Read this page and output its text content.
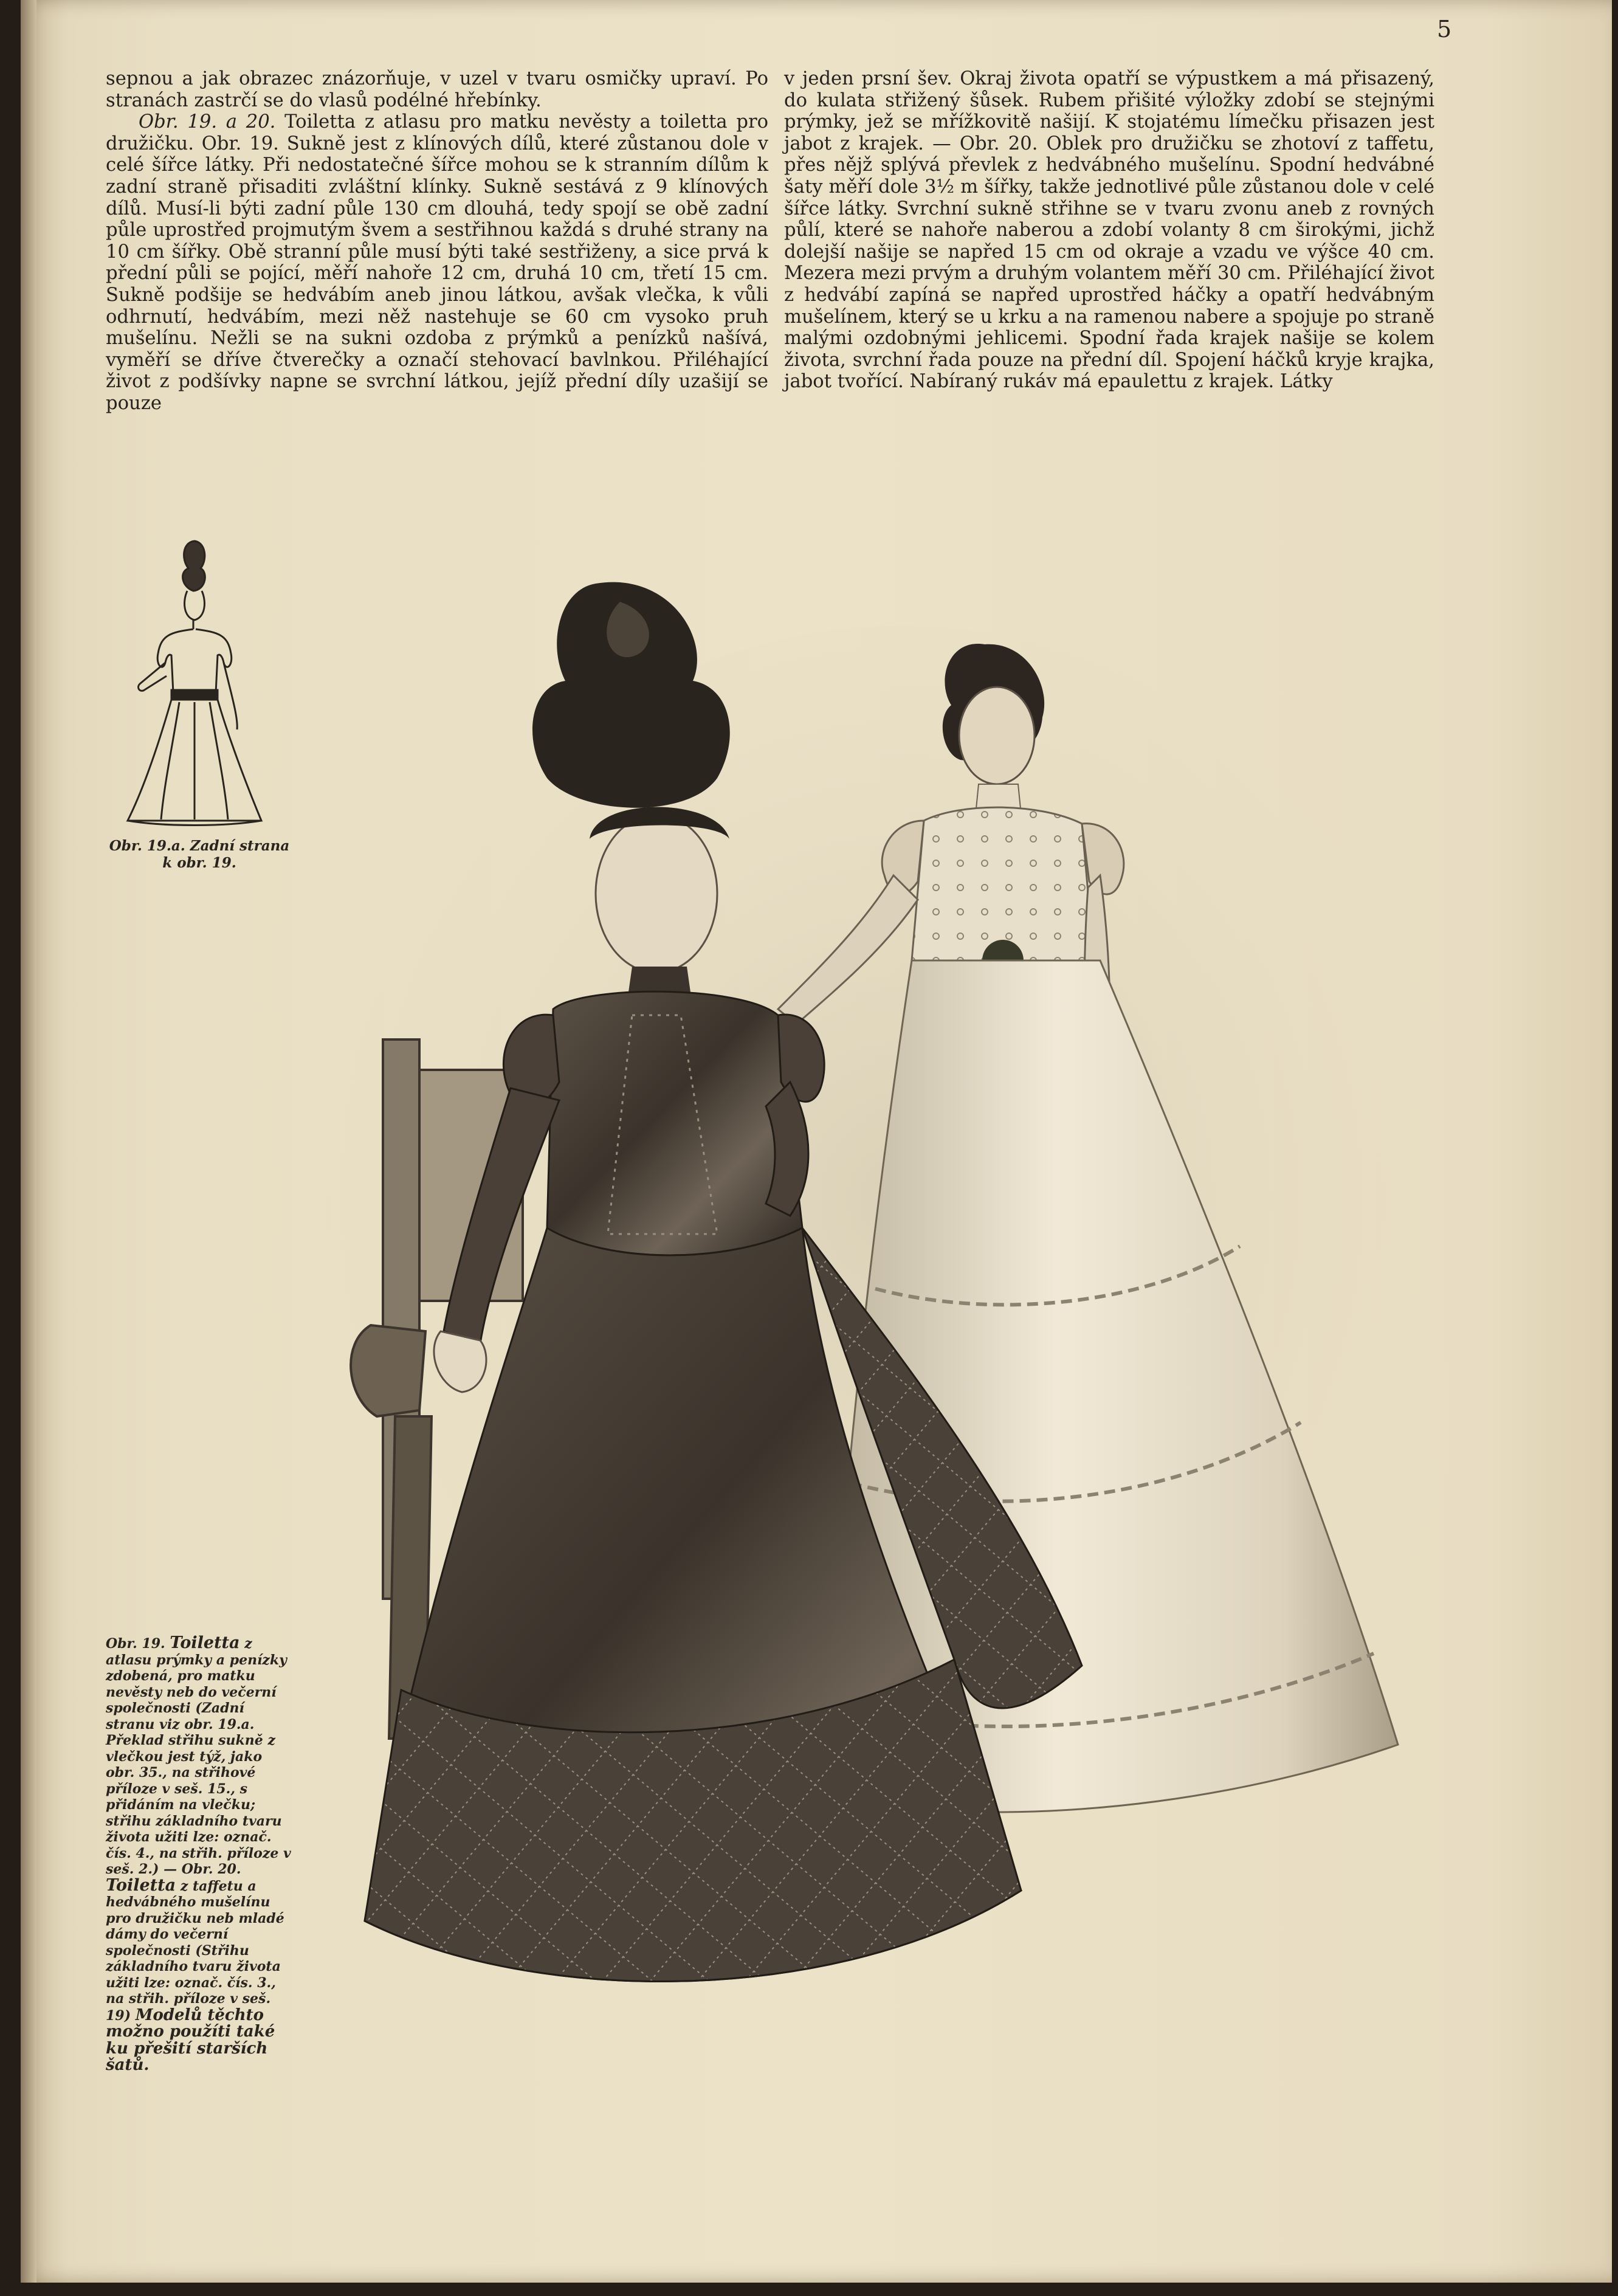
5

sepnou a jak obrazec znázorňuje, v uzel v tvaru osmičky upraví. Po stranách zastrčí se do vlasů podélné hřebínky.

Obr. 19. a 20. Toiletta z atlasu pro matku nevěsty a toiletta pro družičku. Obr. 19. Sukně jest z klínových dílů, které zůstanou dole v celé šířce látky. Při nedostatečné šířce mohou se k stranním dílům k zadní straně přisaditi zvláštní klínky. Sukně sestává z 9 klínových dílů. Musí-li býti zadní půle 130 cm dlouhá, tedy spojí se obě zadní půle uprostřed projmutým švem a sestřihnou každá s druhé strany na 10 cm šířky. Obě stranní půle musí býti také sestřiženy, a sice prvá k přední půli se pojící, měří nahoře 12 cm, druhá 10 cm, třetí 15 cm. Sukně podšije se hedvábím aneb jinou látkou, avšak vlečka, k vůli odhrnutí, hedvábím, mezi něž nastehuje se 60 cm vysoko pruh mušelínu. Nežli se na sukni ozdoba z prýmků a penízků našívá, vyměří se dříve čtverečky a označí stehovací bavlnkou. Přiléhající život z podšívky napne se svrchní látkou, jejíž přední díly uzašijí se pouze

v jeden prsní šev. Okraj života opatří se výpustkem a má přisazený, do kulata střižený šůsek. Rubem přišité výložky zdobí se stejnými prýmky, jež se mřížkovitě našijí. K stojatému límečku přisazen jest jabot z krajek. — Obr. 20. Oblek pro družičku se zhotoví z taffetu, přes nějž splývá převlek z hedvábného mušelínu. Spodní hedvábné šaty měří dole 3½ m šířky, takže jednotlivé půle zůstanou dole v celé šířce látky. Svrchní sukně střihne se v tvaru zvonu aneb z rovných půlí, které se nahoře naberou a zdobí volanty 8 cm širokými, jichž dolejší našije se napřed 15 cm od okraje a vzadu ve výšce 40 cm. Mezera mezi prvým a druhým volantem měří 30 cm. Přiléhající život z hedvábí zapíná se napřed uprostřed háčky a opatří hedvábným mušelínem, který se u krku a na ramenou nabere a spojuje po straně malými ozdobnými jehlicemi. Spodní řada krajek našije se kolem života, svrchní řada pouze na přední díl. Spojení háčků kryje krajka, jabot tvořící. Nabíraný rukáv má epaulettu z krajek. Látky

Obr. 19.a. Zadní strana k obr. 19.
Obr. 19. Toiletta z atlasu prýmky a penízky zdobená, pro matku nevěsty neb do večerní společnosti (Zadní stranu viz obr. 19.a. Překlad střihu sukně z vlečkou jest týž, jako obr. 35., na střihové příloze v seš. 15., s přidáním na vlečku; střihu základního tvaru života užiti lze: označ. čís. 4., na střih. příloze v seš. 2.) — Obr. 20. Toiletta z taffetu a hedvábného mušelínu pro družičku neb mladé dámy do večerní společnosti (Střihu základního tvaru života užiti lze: označ. čís. 3., na střih. příloze v seš. 19) Modelů těchto možno použíti také ku přešití starších šatů.
